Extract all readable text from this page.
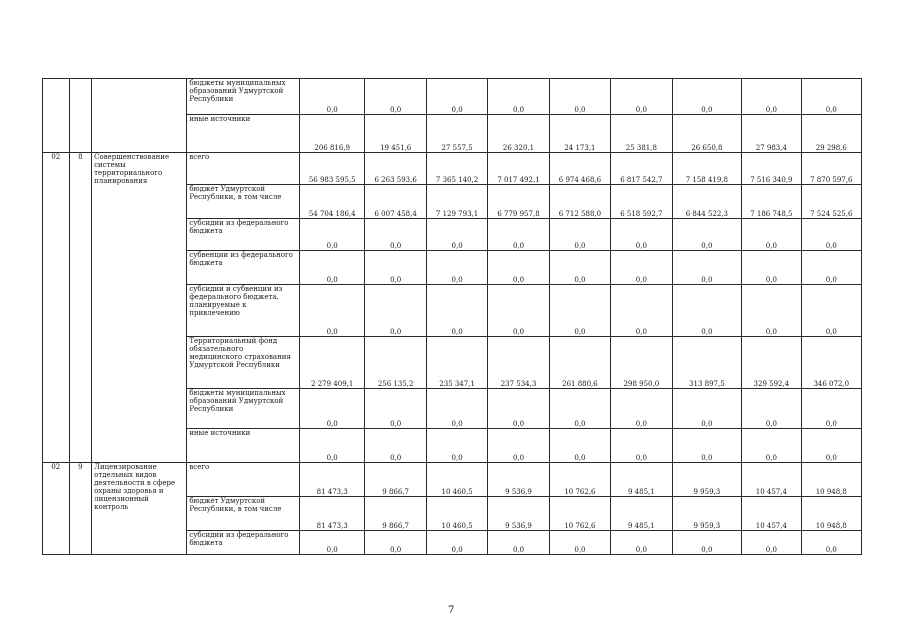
			бюджеты муниципальных образований Удмуртской Республики	0,0	0,0	0,0	0,0	0,0	0,0	0,0	0,0	0,0
			иные источники	206 816,9	19 451,6	27 557,5	26 320,1	24 173,1	25 381,8	26 650,8	27 983,4	29 298,6
02	8	Совершенствование системы территориального планирования	всего	56 983 595,5	6 263 593,6	7 365 140,2	7 017 492,1	6 974 468,6	6 817 542,7	7 158 419,8	7 516 340,9	7 870 597,6
			бюджет Удмуртской Республики, в том числе	54 704 186,4	6 007 458,4	7 129 793,1	6 779 957,8	6 712 588,0	6 518 592,7	6 844 522,3	7 186 748,5	7 524 525,6
			субсидии из федерального бюджета	0,0	0,0	0,0	0,0	0,0	0,0	0,0	0,0	0,0
			субвенции из федерального бюджета	0,0	0,0	0,0	0,0	0,0	0,0	0,0	0,0	0,0
			субсидии и субвенции из федерального бюджета, планируемые к привлечению	0,0	0,0	0,0	0,0	0,0	0,0	0,0	0,0	0,0
			Территориальный фонд обязательного медицинского страхования Удмуртской Республики	2 279 409,1	256 135,2	235 347,1	237 534,3	261 880,6	298 950,0	313 897,5	329 592,4	346 072,0
			бюджеты муниципальных образований Удмуртской Республики	0,0	0,0	0,0	0,0	0,0	0,0	0,0	0,0	0,0
			иные источники	0,0	0,0	0,0	0,0	0,0	0,0	0,0	0,0	0,0
02	9	Лицензирование отдельных видов деятельности в сфере охраны здоровья и лицензионный контроль	всего	81 473,3	9 866,7	10 460,5	9 536,9	10 762,6	9 485,1	9 959,3	10 457,4	10 948,8
			бюджет Удмуртской Республики, в том числе	81 473,3	9 866,7	10 460,5	9 536,9	10 762,6	9 485,1	9 959,3	10 457,4	10 948,8
			субсидии из федерального бюджета	0,0	0,0	0,0	0,0	0,0	0,0	0,0	0,0	0,0
7
